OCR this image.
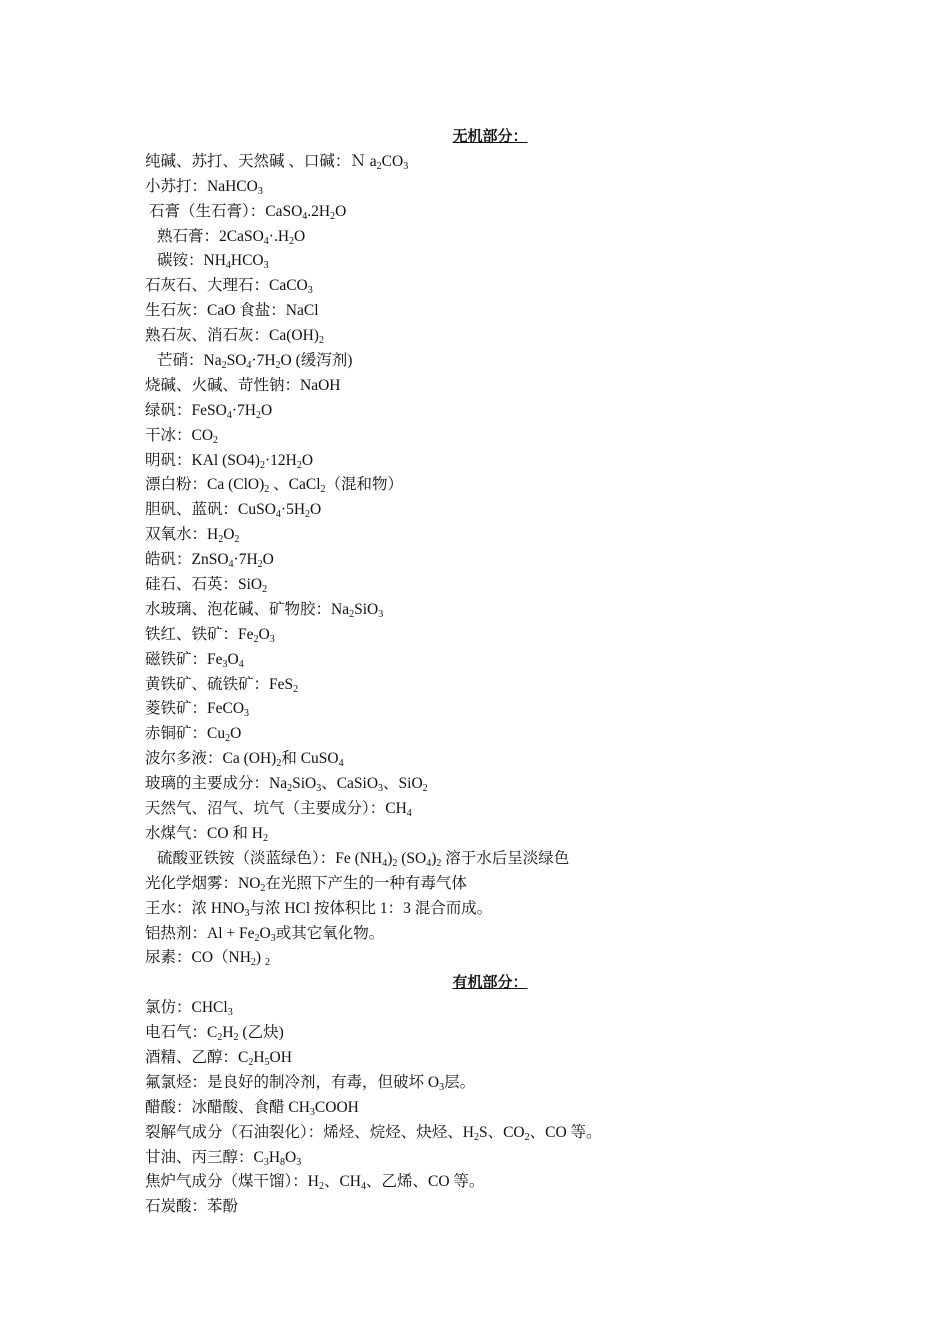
无机部分：
纯碱、苏打、天然碱 、口碱：Ｎ $a_2CO_3$
小苏打：NaHCO$_3$
石膏（生石膏）：$CaSO_4.2H_2O$
熟石膏：$2CaSO_4\cdot.H_2O$
碳铵：$NH_4HCO_3$
石灰石、大理石：CaCO$_3$
生石灰：CaO 食盐：NaCl
熟石灰、消石灰：$Ca(OH)_2$
芒硝：$Na_2SO_4\cdot 7H_2O$ (缓泻剂)
烧碱、火碱、苛性钠：NaOH
绿矾：$FeSO_4\cdot 7H_2O$
干冰：$CO_2$
明矾：KAl $(SO4)_2\cdot 12H_2O$
漂白粉：Ca $(ClO)_2$ 、CaCl$_2$（混和物）
胆矾、蓝矾：$CuSO_4\cdot 5H_2O$
双氧水：$H_2O_2$
皓矾：$ZnSO_4\cdot 7H_2O$
硅石、石英：SiO$_2$
水玻璃、泡花碱、矿物胶：$Na_2SiO_3$
铁红、铁矿：$Fe_2O_3$
磁铁矿：$Fe_3O_4$
黄铁矿、硫铁矿：FeS$_2$
菱铁矿：FeCO$_3$
赤铜矿：$Cu_2O$
波尔多液：Ca $(OH)_2$和 CuSO$_4$
玻璃的主要成分：$Na_2SiO_3$、CaSiO$_3$、SiO$_2$
天然气、沼气、坑气（主要成分）：$CH_4$
水煤气：CO 和 $H_2$
硫酸亚铁铵（淡蓝绿色）：Fe $(NH_4)_2$ $(SO_4)_2$ 溶于水后呈淡绿色
光化学烟雾：$NO_2$在光照下产生的一种有毒气体
王水：浓 $HNO_3$与浓 HCl 按体积比 1：3 混合而成。
铝热剂：$Al + Fe_2O_3$或其它氧化物。
尿素：$CO(NH_2)$ $_2$
有机部分：
氯仿：CHCl$_3$
电石气：$C_2H_2$ (乙炔)
酒精、乙醇：$C_2H_5OH$
氟氯烃：是良好的制冷剂，有毒，但破坏 $O_3$层。
醋酸：冰醋酸、食醋 $CH_3COOH$
裂解气成分（石油裂化）：烯烃、烷烃、炔烃、$H_2S$、$CO_2$、CO 等。
甘油、丙三醇：$C_3H_8O_3$
焦炉气成分（煤干馏）：$H_2$、$CH_4$、乙烯、CO 等。
石炭酸：苯酚
